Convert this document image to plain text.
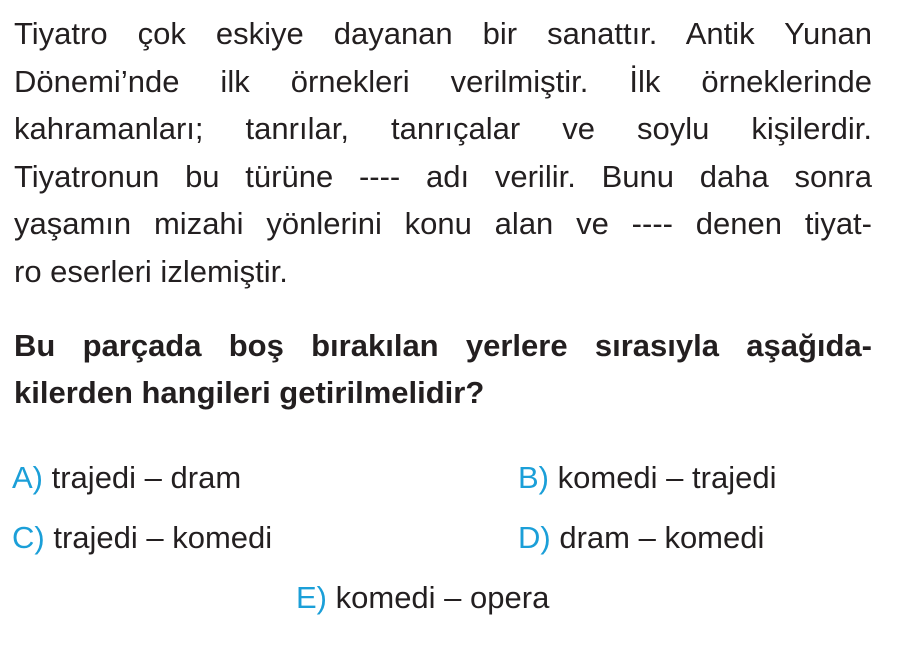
Tiyatro çok eskiye dayanan bir sanattır. Antik Yunan
Dönemi’nde ilk örnekleri verilmiştir. İlk örneklerinde
kahramanları; tanrılar, tanrıçalar ve soylu kişilerdir.
Tiyatronun bu türüne ---- adı verilir. Bunu daha sonra
yaşamın mizahi yönlerini konu alan ve ---- denen tiyat-
ro eserleri izlemiştir.
Bu parçada boş bırakılan yerlere sırasıyla aşağıda-
kilerden hangileri getirilmelidir?
A) trajedi – dram	B) komedi – trajedi
C) trajedi – komedi	D) dram – komedi
E) komedi – opera
